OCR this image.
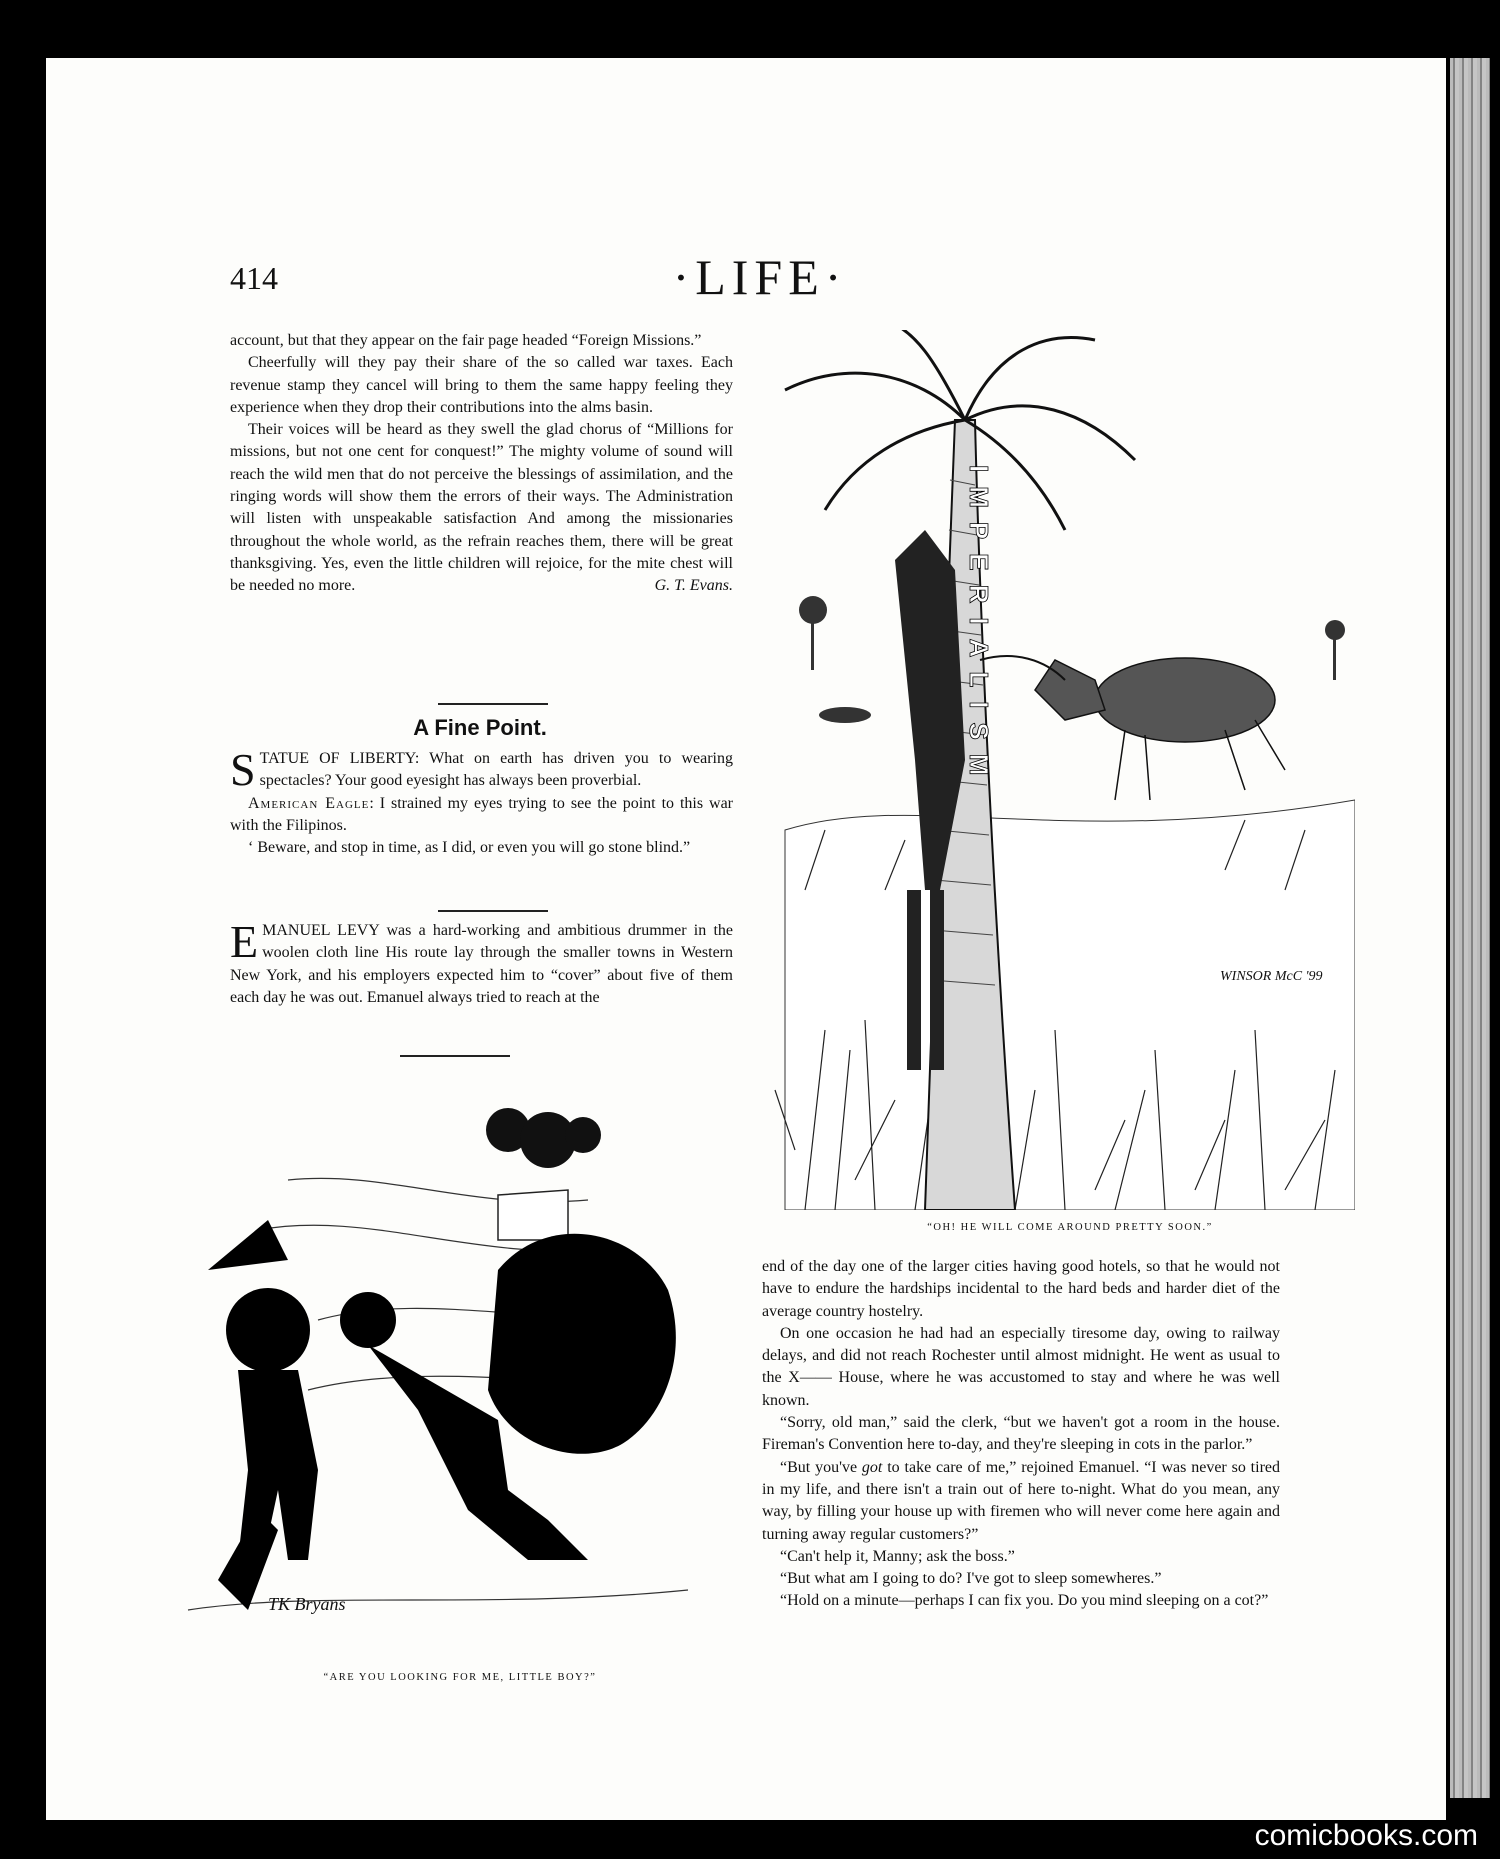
414	·LIFE·

account, but that they appear on the fair page headed “Foreign Missions.”

Cheerfully will they pay their share of the so called war taxes. Each revenue stamp they cancel will bring to them the same happy feeling they experience when they drop their contributions into the alms basin.

Their voices will be heard as they swell the glad chorus of “Millions for missions, but not one cent for conquest!” The mighty volume of sound will reach the wild men that do not perceive the blessings of assimilation, and the ringing words will show them the errors of their ways. The Administration will listen with unspeakable satisfaction And among the missionaries throughout the whole world, as the refrain reaches them, there will be great thanksgiving. Yes, even the little children will rejoice, for the mite chest will be needed no more.	G. T. Evans.

A Fine Point.

STATUE OF LIBERTY: What on earth has driven you to wearing spectacles? Your good eyesight has always been proverbial.

American Eagle: I strained my eyes trying to see the point to this war with the Filipinos.

‘ Beware, and stop in time, as I did, or even you will go stone blind.”

EMANUEL LEVY was a hard-working and ambitious drummer in the woolen cloth line His route lay through the smaller towns in Western New York, and his employers expected him to “cover” about five of them each day he was out. Emanuel always tried to reach at the

IMPERIALISM
WINSOR McC '99
“OH! HE WILL COME AROUND PRETTY SOON.”

end of the day one of the larger cities having good hotels, so that he would not have to endure the hardships incidental to the hard beds and harder diet of the average country hostelry.

On one occasion he had had an especially tiresome day, owing to railway delays, and did not reach Rochester until almost midnight. He went as usual to the X—— House, where he was accustomed to stay and where he was well known.

“Sorry, old man,” said the clerk, “but we haven't got a room in the house. Fireman's Convention here to-day, and they're sleeping in cots in the parlor.”

“But you've got to take care of me,” rejoined Emanuel. “I was never so tired in my life, and there isn't a train out of here to-night. What do you mean, any way, by filling your house up with firemen who will never come here again and turning away regular customers?”

“Can't help it, Manny; ask the boss.”

“But what am I going to do? I've got to sleep somewheres.”

“Hold on a minute—perhaps I can fix you. Do you mind sleeping on a cot?”

TK Bryans
“ARE YOU LOOKING FOR ME, LITTLE BOY?”
comicbooks.com
